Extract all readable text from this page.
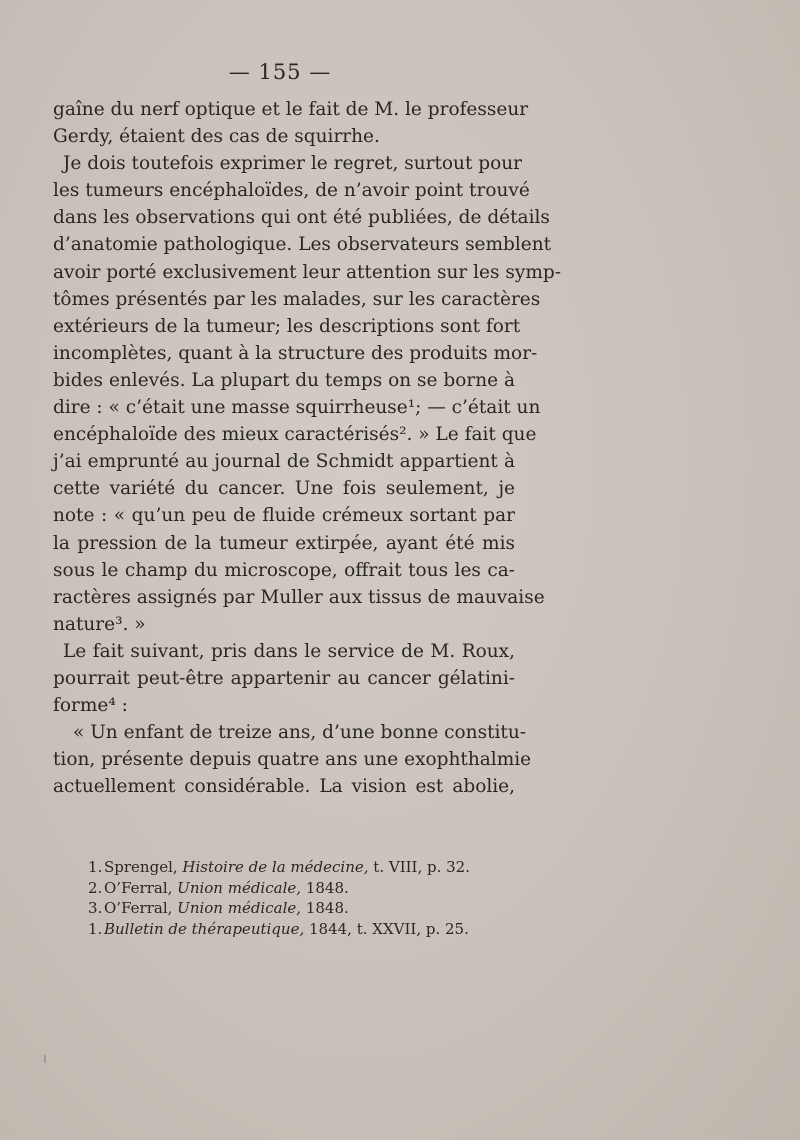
— 155 —
gaîne du nerf optique et le fait de M. le professeur
Gerdy, étaient des cas de squirrhe.
Je dois toutefois exprimer le regret, surtout pour
les tumeurs encéphaloïdes, de n’avoir point trouvé
dans les observations qui ont été publiées, de détails
d’anatomie pathologique. Les observateurs semblent
avoir porté exclusivement leur attention sur les symp-
tômes présentés par les malades, sur les caractères
extérieurs de la tumeur; les descriptions sont fort
incomplètes, quant à la structure des produits mor-
bides enlevés. La plupart du temps on se borne à
dire : « c’était une masse squirrheuse¹; — c’était un
encéphaloïde des mieux caractérisés². » Le fait que
j’ai emprunté au journal de Schmidt appartient à
cette variété du cancer. Une fois seulement, je
note : « qu’un peu de fluide crémeux sortant par
la pression de la tumeur extirpée, ayant été mis
sous le champ du microscope, offrait tous les ca-
ractères assignés par Muller aux tissus de mauvaise
nature³. »
Le fait suivant, pris dans le service de M. Roux,
pourrait peut-être appartenir au cancer gélatini-
forme⁴ :
« Un enfant de treize ans, d’une bonne constitu-
tion, présente depuis quatre ans une exophthalmie
actuellement considérable. La vision est abolie,
1. Sprengel, Histoire de la médecine, t. VIII, p. 32.
2. O’Ferral, Union médicale, 1848.
3. O’Ferral, Union médicale, 1848.
1. Bulletin de thérapeutique, 1844, t. XXVII, p. 25.
